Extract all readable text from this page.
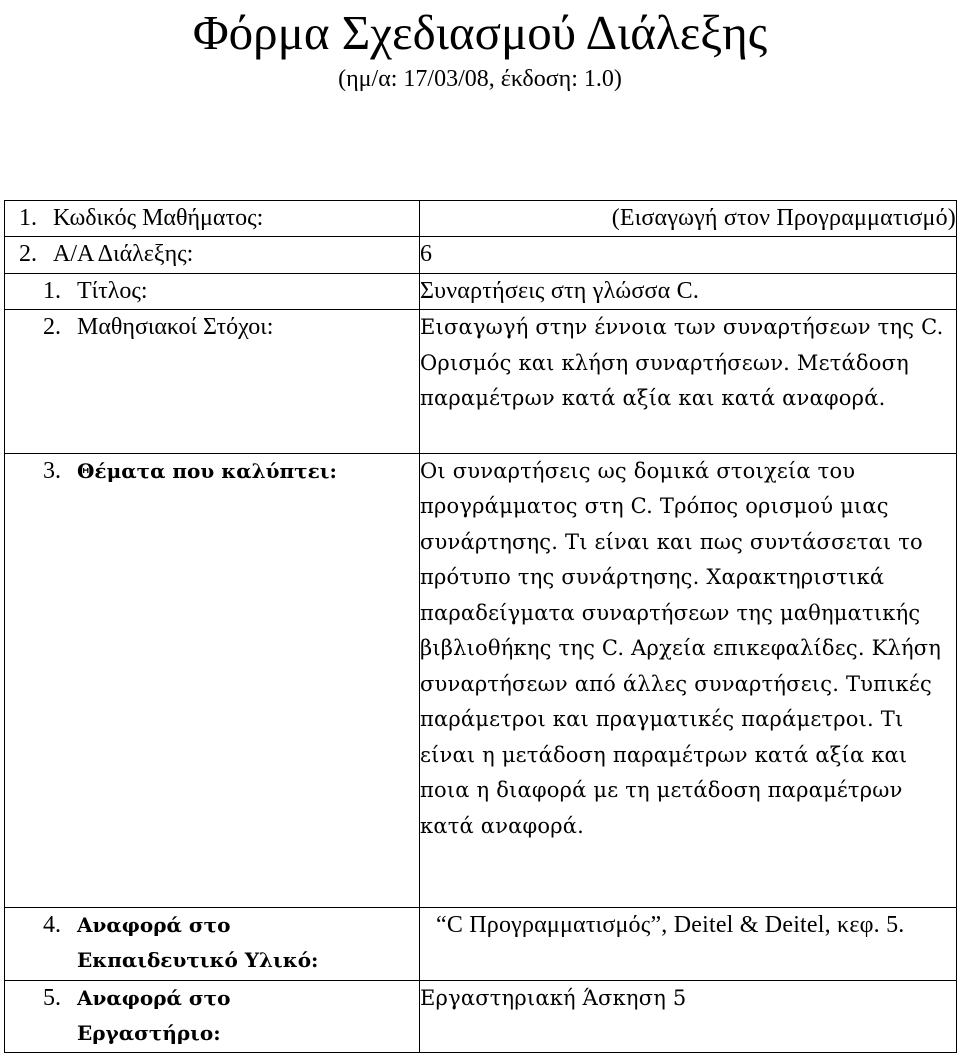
Φόρμα Σχεδιασμού Διάλεξης
(ημ/α: 17/03/08, έκδοση: 1.0)
1. Κωδικός Μαθήματος:	(Εισαγωγή στον Προγραμματισμό)

2. Α/Α Διάλεξης:	6

1. Τίτλος:	Συναρτήσεις στη γλώσσα C.

2. Μαθησιακοί Στόχοι:	Εισαγωγή στην έννοια των συναρτήσεων της C. Ορισμός και κλήση συναρτήσεων. Μετάδοση παραμέτρων κατά αξία και κατά αναφορά.

3. Θέματα που καλύπτει:	Οι συναρτήσεις ως δομικά στοιχεία του προγράμματος στη C. Τρόπος ορισμού μιας συνάρτησης. Τι είναι και πως συντάσσεται το πρότυπο της συνάρτησης. Χαρακτηριστικά παραδείγματα συναρτήσεων της μαθηματικής βιβλιοθήκης της C. Αρχεία επικεφαλίδες. Κλήση συναρτήσεων από άλλες συναρτήσεις. Τυπικές παράμετροι και πραγματικές παράμετροι. Τι είναι η μετάδοση παραμέτρων κατά αξία και ποια η διαφορά με τη μετάδοση παραμέτρων κατά αναφορά.

4. Αναφορά στο
Εκπαιδευτικό Υλικό:	“C Προγραμματισμός”, Deitel & Deitel, κεφ. 5.

5. Αναφορά στο
Εργαστήριο:	Εργαστηριακή Άσκηση 5
